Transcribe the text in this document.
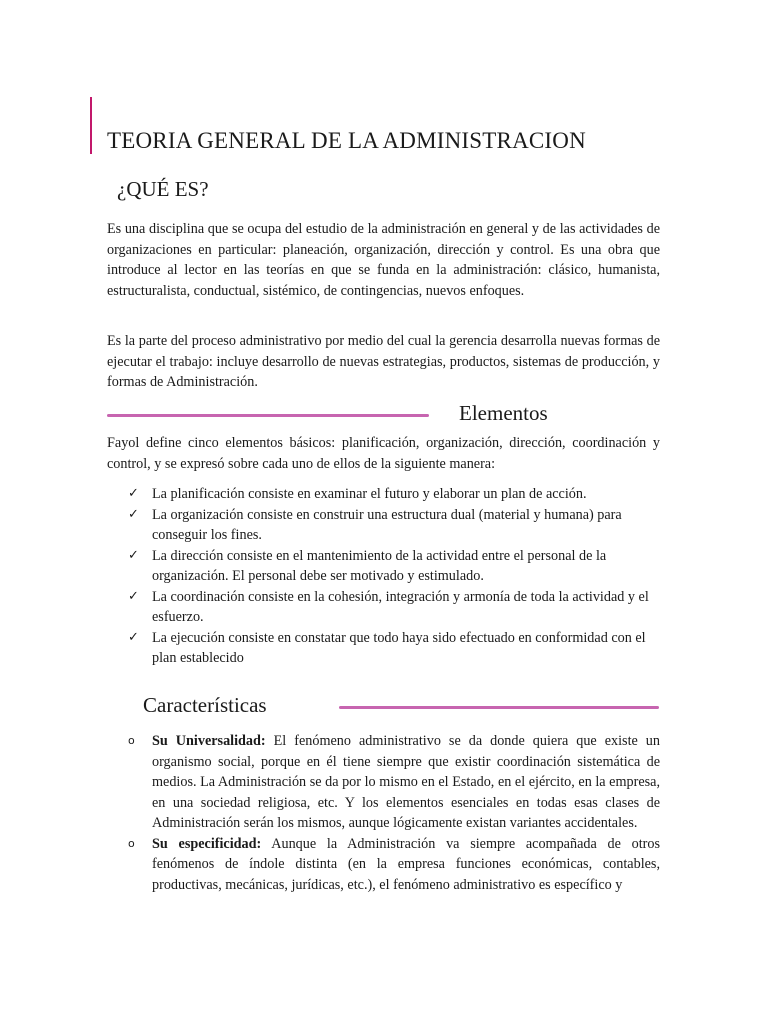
TEORIA GENERAL DE LA ADMINISTRACION
¿QUÉ ES?

Es una disciplina que se ocupa del estudio de la administración en general y de las actividades de organizaciones en particular: planeación, organización, dirección y control. Es una obra que introduce al lector en las teorías en que se funda en la administración: clásico, humanista, estructuralista, conductual, sistémico, de contingencias, nuevos enfoques.

Es la parte del proceso administrativo por medio del cual la gerencia desarrolla nuevas formas de ejecutar el trabajo: incluye desarrollo de nuevas estrategias, productos, sistemas de producción, y formas de Administración.

Elementos

Fayol define cinco elementos básicos: planificación, organización, dirección, coordinación y control, y se expresó sobre cada uno de ellos de la siguiente manera:

✓ La planificación consiste en examinar el futuro y elaborar un plan de acción.
✓ La organización consiste en construir una estructura dual (material y humana) para conseguir los fines.
✓ La dirección consiste en el mantenimiento de la actividad entre el personal de la organización. El personal debe ser motivado y estimulado.
✓ La coordinación consiste en la cohesión, integración y armonía de toda la actividad y el esfuerzo.
✓ La ejecución consiste en constatar que todo haya sido efectuado en conformidad con el plan establecido
Características
o Su Universalidad: El fenómeno administrativo se da donde quiera que existe un organismo social, porque en él tiene siempre que existir coordinación sistemática de medios. La Administración se da por lo mismo en el Estado, en el ejército, en la empresa, en una sociedad religiosa, etc. Y los elementos esenciales en todas esas clases de Administración serán los mismos, aunque lógicamente existan variantes accidentales.
o Su especificidad: Aunque la Administración va siempre acompañada de otros fenómenos de índole distinta (en la empresa funciones económicas, contables, productivas, mecánicas, jurídicas, etc.), el fenómeno administrativo es específico y
